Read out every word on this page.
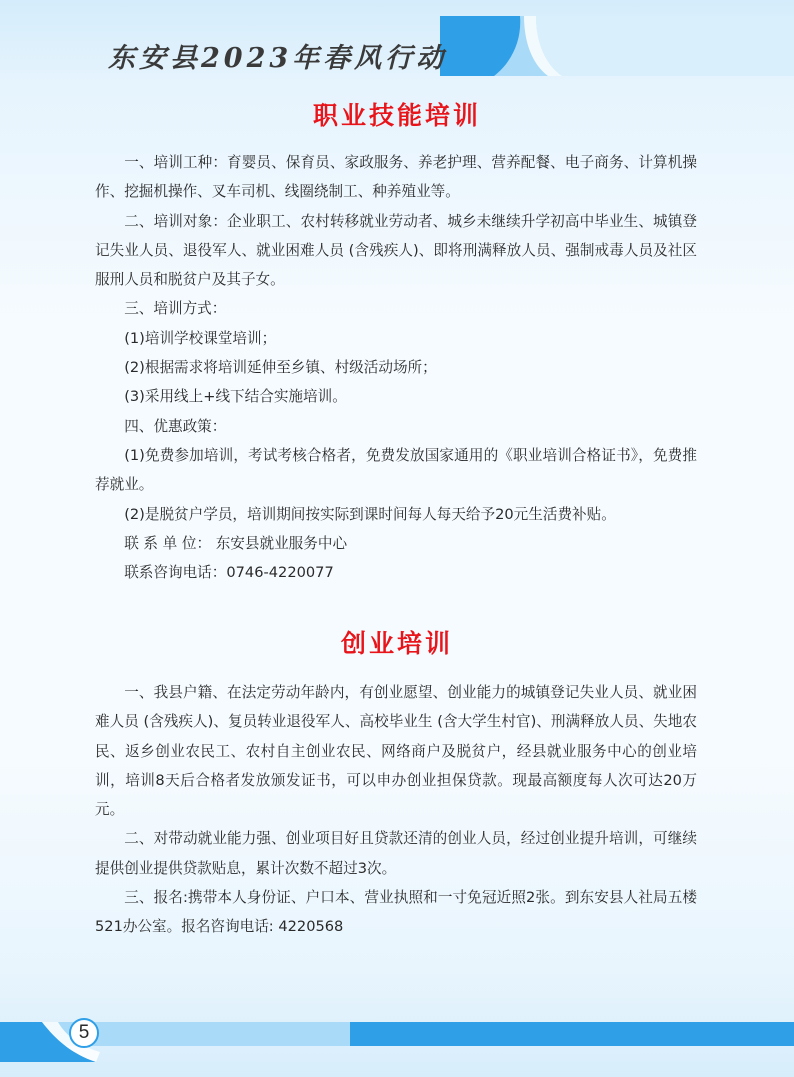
东安县2023年春风行动
职业技能培训

一、培训工种：育婴员、保育员、家政服务、养老护理、营养配餐、电子商务、计算机操作、挖掘机操作、叉车司机、线圈绕制工、种养殖业等。

二、培训对象：企业职工、农村转移就业劳动者、城乡未继续升学初高中毕业生、城镇登记失业人员、退役军人、就业困难人员 (含残疾人)、即将刑满释放人员、强制戒毒人员及社区服刑人员和脱贫户及其子女。

三、培训方式：

(1)培训学校课堂培训；

(2)根据需求将培训延伸至乡镇、村级活动场所；

(3)采用线上+线下结合实施培训。

四、优惠政策：

(1)免费参加培训，考试考核合格者，免费发放国家通用的《职业培训合格证书》，免费推荐就业。

(2)是脱贫户学员，培训期间按实际到课时间每人每天给予20元生活费补贴。

联 系 单 位： 东安县就业服务中心

联系咨询电话：0746-4220077

创业培训

一、我县户籍、在法定劳动年龄内，有创业愿望、创业能力的城镇登记失业人员、就业困难人员 (含残疾人)、复员转业退役军人、高校毕业生 (含大学生村官)、刑满释放人员、失地农民、返乡创业农民工、农村自主创业农民、网络商户及脱贫户，经县就业服务中心的创业培训，培训8天后合格者发放颁发证书，可以申办创业担保贷款。现最高额度每人次可达20万元。

二、对带动就业能力强、创业项目好且贷款还清的创业人员，经过创业提升培训，可继续提供创业提供贷款贴息，累计次数不超过3次。

三、报名:携带本人身份证、户口本、营业执照和一寸免冠近照2张。到东安县人社局五楼521办公室。报名咨询电话: 4220568

5
